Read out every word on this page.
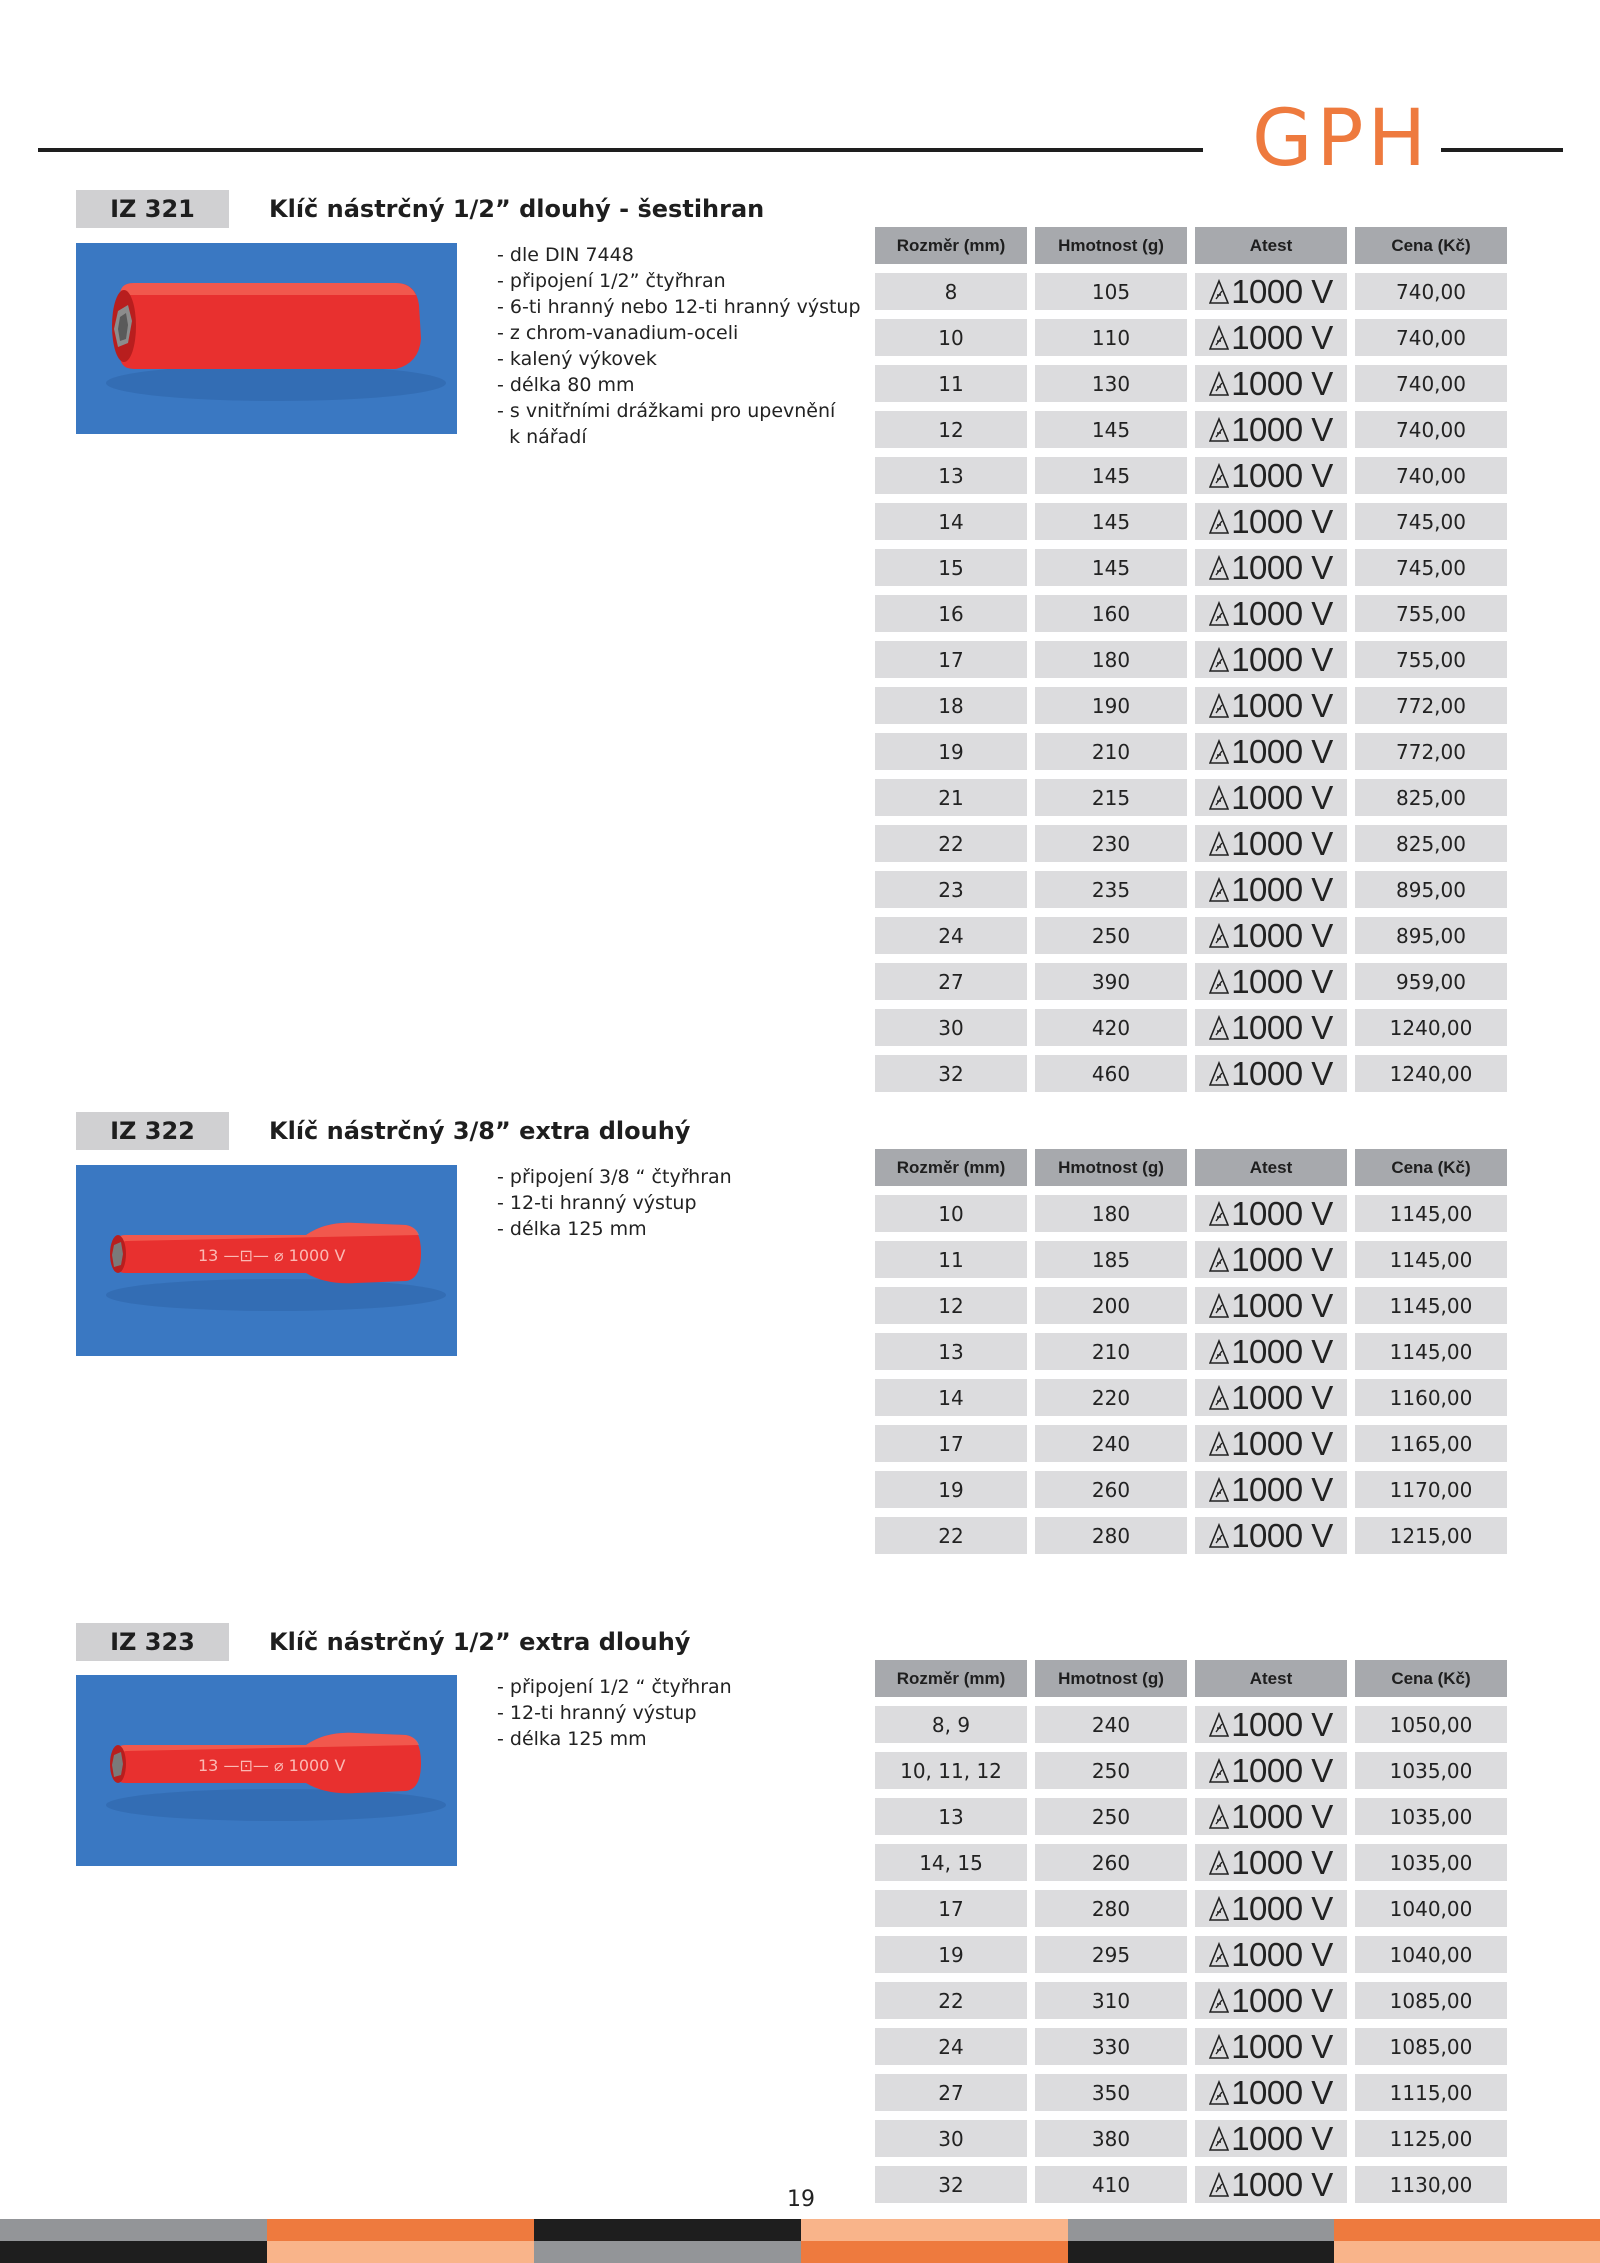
GPH
IZ 321	Klíč nástrčný 1/2” dlouhý - šestihran
- dle DIN 7448
- připojení 1/2” čtyřhran
- 6-ti hranný nebo 12-ti hranný výstup
- z chrom-vanadium-oceli
- kalený výkovek
- délka 80 mm
- s vnitřními drážkami pro upevnění
k nářadí
Rozměr (mm)	Hmotnost (g)	Atest	Cena (Kč)
8	105	1000 V	740,00
10	110	1000 V	740,00
11	130	1000 V	740,00
12	145	1000 V	740,00
13	145	1000 V	740,00
14	145	1000 V	745,00
15	145	1000 V	745,00
16	160	1000 V	755,00
17	180	1000 V	755,00
18	190	1000 V	772,00
19	210	1000 V	772,00
21	215	1000 V	825,00
22	230	1000 V	825,00
23	235	1000 V	895,00
24	250	1000 V	895,00
27	390	1000 V	959,00
30	420	1000 V	1240,00
32	460	1000 V	1240,00
IZ 322	Klíč nástrčný 3/8” extra dlouhý
13 —⊡— ⌀ 1000 V
- připojení 3/8 “ čtyřhran
- 12-ti hranný výstup
- délka 125 mm
Rozměr (mm)	Hmotnost (g)	Atest	Cena (Kč)
10	180	1000 V	1145,00
11	185	1000 V	1145,00
12	200	1000 V	1145,00
13	210	1000 V	1145,00
14	220	1000 V	1160,00
17	240	1000 V	1165,00
19	260	1000 V	1170,00
22	280	1000 V	1215,00
IZ 323	Klíč nástrčný 1/2” extra dlouhý
13 —⊡— ⌀ 1000 V
- připojení 1/2 “ čtyřhran
- 12-ti hranný výstup
- délka 125 mm
Rozměr (mm)	Hmotnost (g)	Atest	Cena (Kč)
8, 9	240	1000 V	1050,00
10, 11, 12	250	1000 V	1035,00
13	250	1000 V	1035,00
14, 15	260	1000 V	1035,00
17	280	1000 V	1040,00
19	295	1000 V	1040,00
22	310	1000 V	1085,00
24	330	1000 V	1085,00
27	350	1000 V	1115,00
30	380	1000 V	1125,00
32	410	1000 V	1130,00
19
